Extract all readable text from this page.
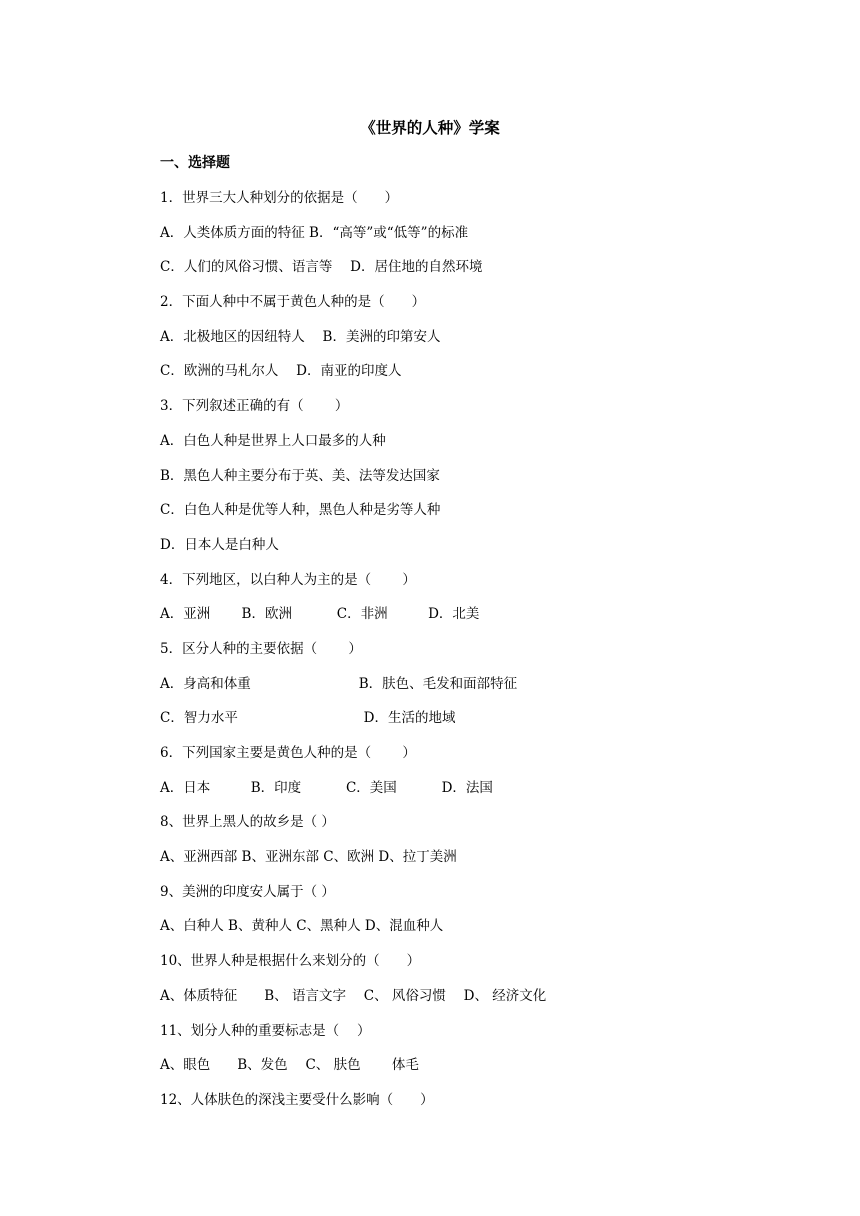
《世界的人种》学案
一、选择题
1．世界三大人种划分的依据是（　　）
A．人类体质方面的特征 B．“高等”或“低等”的标准
C．人们的风俗习惯、语言等　 D．居住地的自然环境
2．下面人种中不属于黄色人种的是（　　）
A．北极地区的因纽特人　 B．美洲的印第安人
C．欧洲的马札尔人　 D．南亚的印度人
3．下列叙述正确的有（　　 ）
A．白色人种是世界上人口最多的人种
B．黑色人种主要分布于英、美、法等发达国家
C．白色人种是优等人种，黑色人种是劣等人种
D．日本人是白种人
4．下列地区，以白种人为主的是（　　 ）
A．亚洲　　 B．欧洲　　　 C．非洲　　　D．北美
5．区分人种的主要依据（　　 ）
A．身高和体重　　　　　　　　B．肤色、毛发和面部特征
C．智力水平　　　　　　　　　 D．生活的地域
6．下列国家主要是黄色人种的是（　　 ）
A．日本　　　B．印度　　　 C．美国　　　 D．法国
8、世界上黑人的故乡是（ ）
A、亚洲西部 B、亚洲东部 C、欧洲 D、拉丁美洲
9、美洲的印度安人属于（ ）
A、白种人 B、黄种人 C、黑种人 D、混血种人
10、世界人种是根据什么来划分的（　　）
A、体质特征　　B、 语言文字　 C、 风俗习惯　 D、 经济文化
11、划分人种的重要标志是（　 ）
A、眼色　　B、发色　 C、 肤色　　 体毛
12、人体肤色的深浅主要受什么影响（　　）
